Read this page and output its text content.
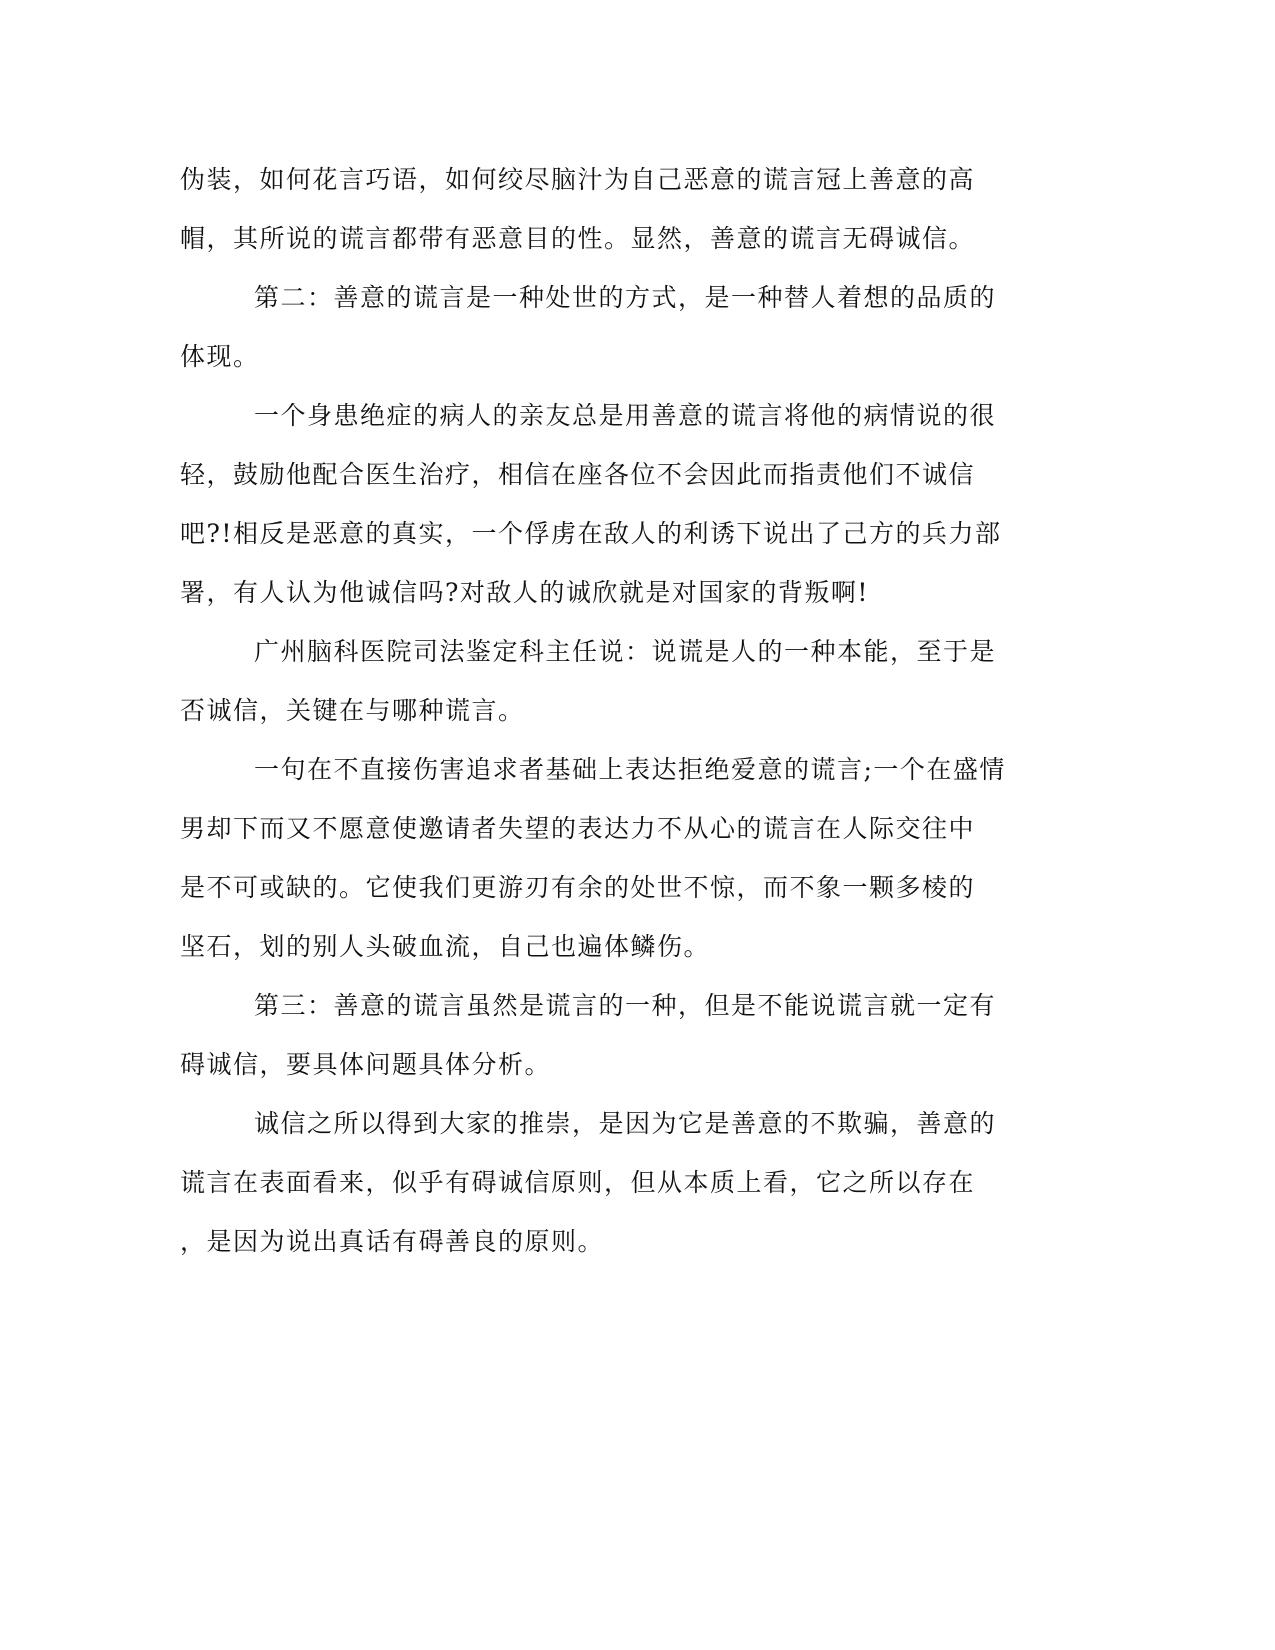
伪装，如何花言巧语，如何绞尽脑汁为自己恶意的谎言冠上善意的高
帽，其所说的谎言都带有恶意目的性。显然，善意的谎言无碍诚信。
第二：善意的谎言是一种处世的方式，是一种替人着想的品质的
体现。
一个身患绝症的病人的亲友总是用善意的谎言将他的病情说的很
轻，鼓励他配合医生治疗，相信在座各位不会因此而指责他们不诚信
吧?!相反是恶意的真实，一个俘虏在敌人的利诱下说出了己方的兵力部
署，有人认为他诚信吗?对敌人的诚欣就是对国家的背叛啊!
广州脑科医院司法鉴定科主任说：说谎是人的一种本能，至于是
否诚信，关键在与哪种谎言。
一句在不直接伤害追求者基础上表达拒绝爱意的谎言;一个在盛情
男却下而又不愿意使邀请者失望的表达力不从心的谎言在人际交往中
是不可或缺的。它使我们更游刃有余的处世不惊，而不象一颗多棱的
坚石，划的别人头破血流，自己也遍体鳞伤。
第三：善意的谎言虽然是谎言的一种，但是不能说谎言就一定有
碍诚信，要具体问题具体分析。
诚信之所以得到大家的推崇，是因为它是善意的不欺骗，善意的
谎言在表面看来，似乎有碍诚信原则，但从本质上看，它之所以存在
，是因为说出真话有碍善良的原则。
